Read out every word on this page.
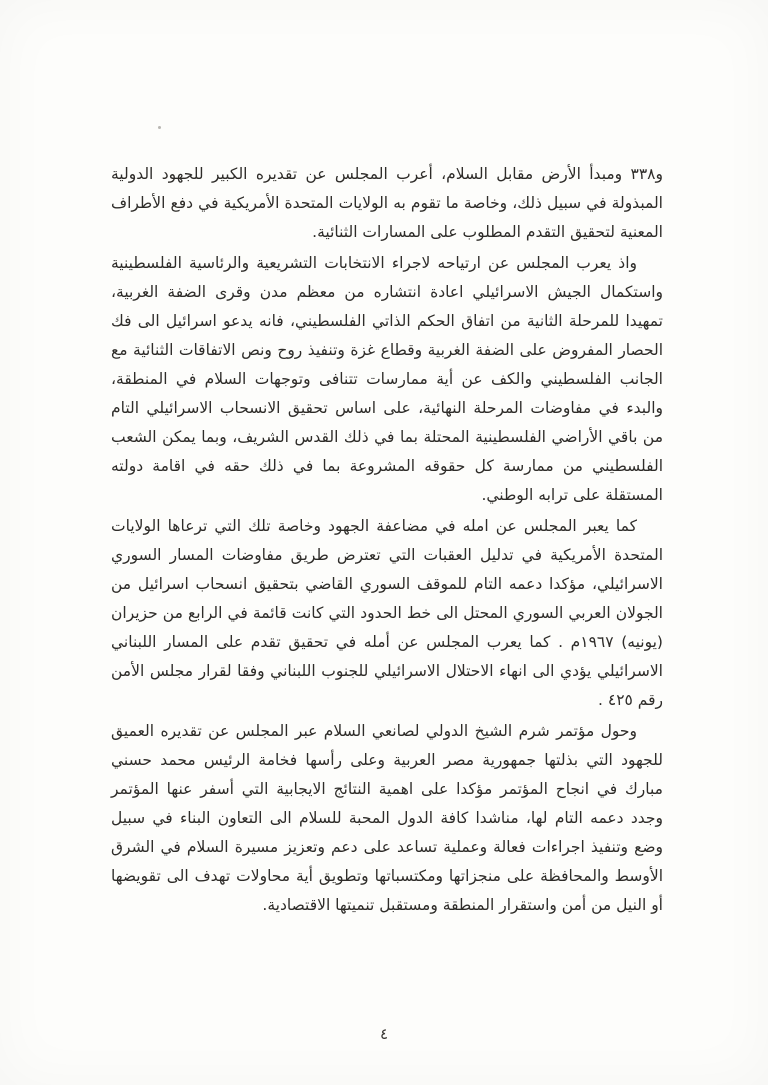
و٣٣٨ ومبدأ الأرض مقابل السلام، أعرب المجلس عن تقديره الكبير للجهود الدولية المبذولة في سبيل ذلك، وخاصة ما تقوم به الولايات المتحدة الأمريكية في دفع الأطراف المعنية لتحقيق التقدم المطلوب على المسارات الثنائية.

واذ يعرب المجلس عن ارتياحه لاجراء الانتخابات التشريعية والرئاسية الفلسطينية واستكمال الجيش الاسرائيلي اعادة انتشاره من معظم مدن وقرى الضفة الغربية، تمهيدا للمرحلة الثانية من اتفاق الحكم الذاتي الفلسطيني، فانه يدعو اسرائيل الى فك الحصار المفروض على الضفة الغربية وقطاع غزة وتنفيذ روح ونص الاتفاقات الثنائية مع الجانب الفلسطيني والكف عن أية ممارسات تتنافى وتوجهات السلام في المنطقة، والبدء في مفاوضات المرحلة النهائية، على اساس تحقيق الانسحاب الاسرائيلي التام من باقي الأراضي الفلسطينية المحتلة بما في ذلك القدس الشريف، وبما يمكن الشعب الفلسطيني من ممارسة كل حقوقه المشروعة بما في ذلك حقه في اقامة دولته المستقلة على ترابه الوطني.

كما يعبر المجلس عن امله في مضاعفة الجهود وخاصة تلك التي ترعاها الولايات المتحدة الأمريكية في تدليل العقبات التي تعترض طريق مفاوضات المسار السوري الاسرائيلي، مؤكدا دعمه التام للموقف السوري القاضي بتحقيق انسحاب اسرائيل من الجولان العربي السوري المحتل الى خط الحدود التي كانت قائمة في الرابع من حزيران (يونيه) ١٩٦٧م . كما يعرب المجلس عن أمله في تحقيق تقدم على المسار اللبناني الاسرائيلي يؤدي الى انهاء الاحتلال الاسرائيلي للجنوب اللبناني وفقا لقرار مجلس الأمن رقم ٤٢٥ .

وحول مؤتمر شرم الشيخ الدولي لصانعي السلام عبر المجلس عن تقديره العميق للجهود التي بذلتها جمهورية مصر العربية وعلى رأسها فخامة الرئيس محمد حسني مبارك في انجاح المؤتمر مؤكدا على اهمية النتائج الايجابية التي أسفر عنها المؤتمر وجدد دعمه التام لها، مناشدا كافة الدول المحبة للسلام الى التعاون البناء في سبيل وضع وتنفيذ اجراءات فعالة وعملية تساعد على دعم وتعزيز مسيرة السلام في الشرق الأوسط والمحافظة على منجزاتها ومكتسباتها وتطويق أية محاولات تهدف الى تقويضها أو النيل من أمن واستقرار المنطقة ومستقبل تنميتها الاقتصادية.

٤
